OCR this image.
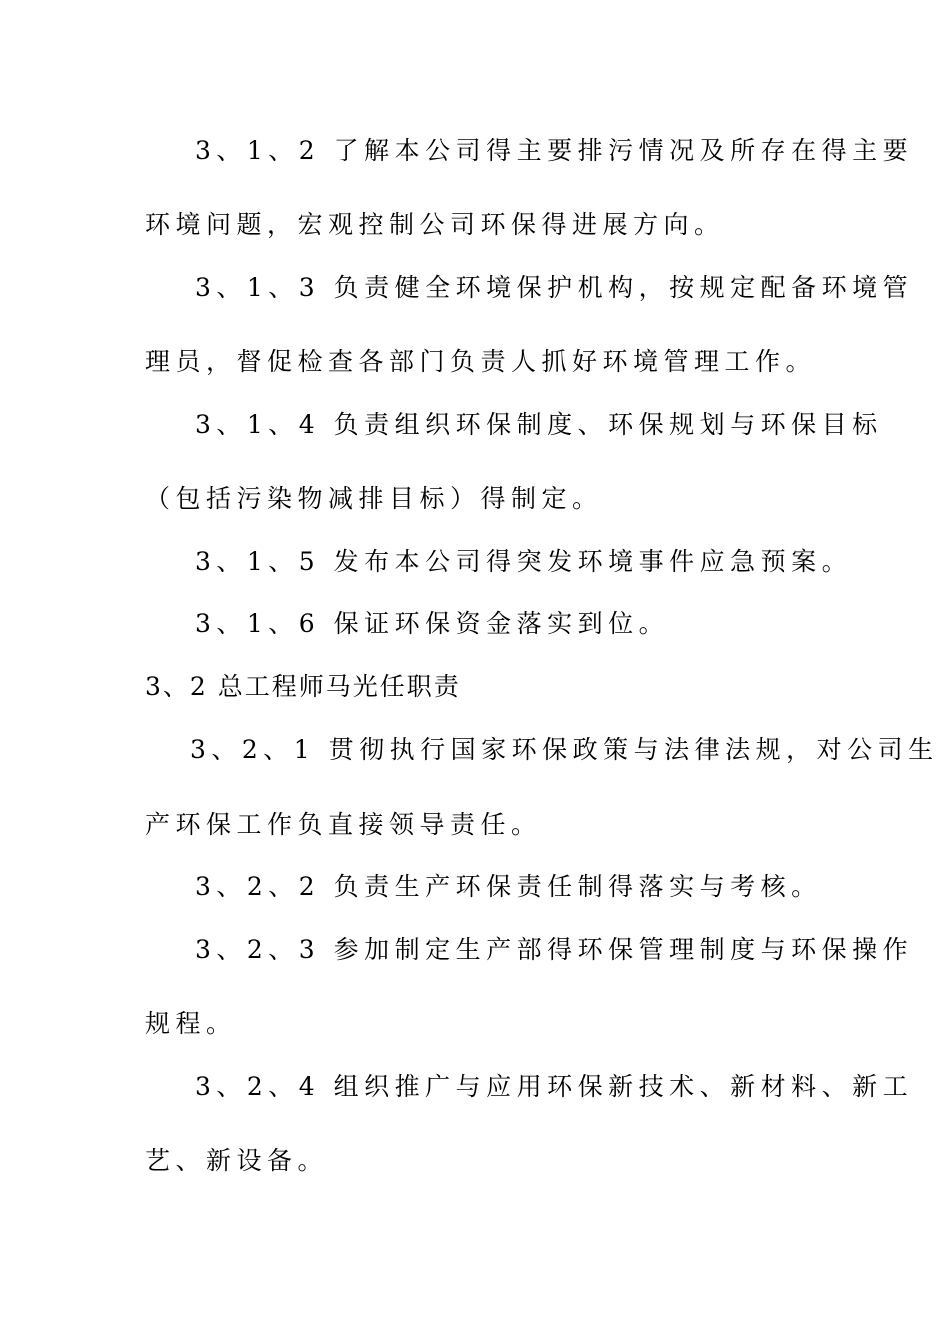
3、1、2 了解本公司得主要排污情况及所存在得主要
环境问题，宏观控制公司环保得进展方向。
3、1、3 负责健全环境保护机构，按规定配备环境管
理员，督促检查各部门负责人抓好环境管理工作。
3、1、4 负责组织环保制度、环保规划与环保目标
（包括污染物减排目标）得制定。
3、1、5 发布本公司得突发环境事件应急预案。
3、1、6 保证环保资金落实到位。
3、2 总工程师马光任职责
3、2、1 贯彻执行国家环保政策与法律法规，对公司生
产环保工作负直接领导责任。
3、2、2 负责生产环保责任制得落实与考核。
3、2、3 参加制定生产部得环保管理制度与环保操作
规程。
3、2、4 组织推广与应用环保新技术、新材料、新工
艺、新设备。
